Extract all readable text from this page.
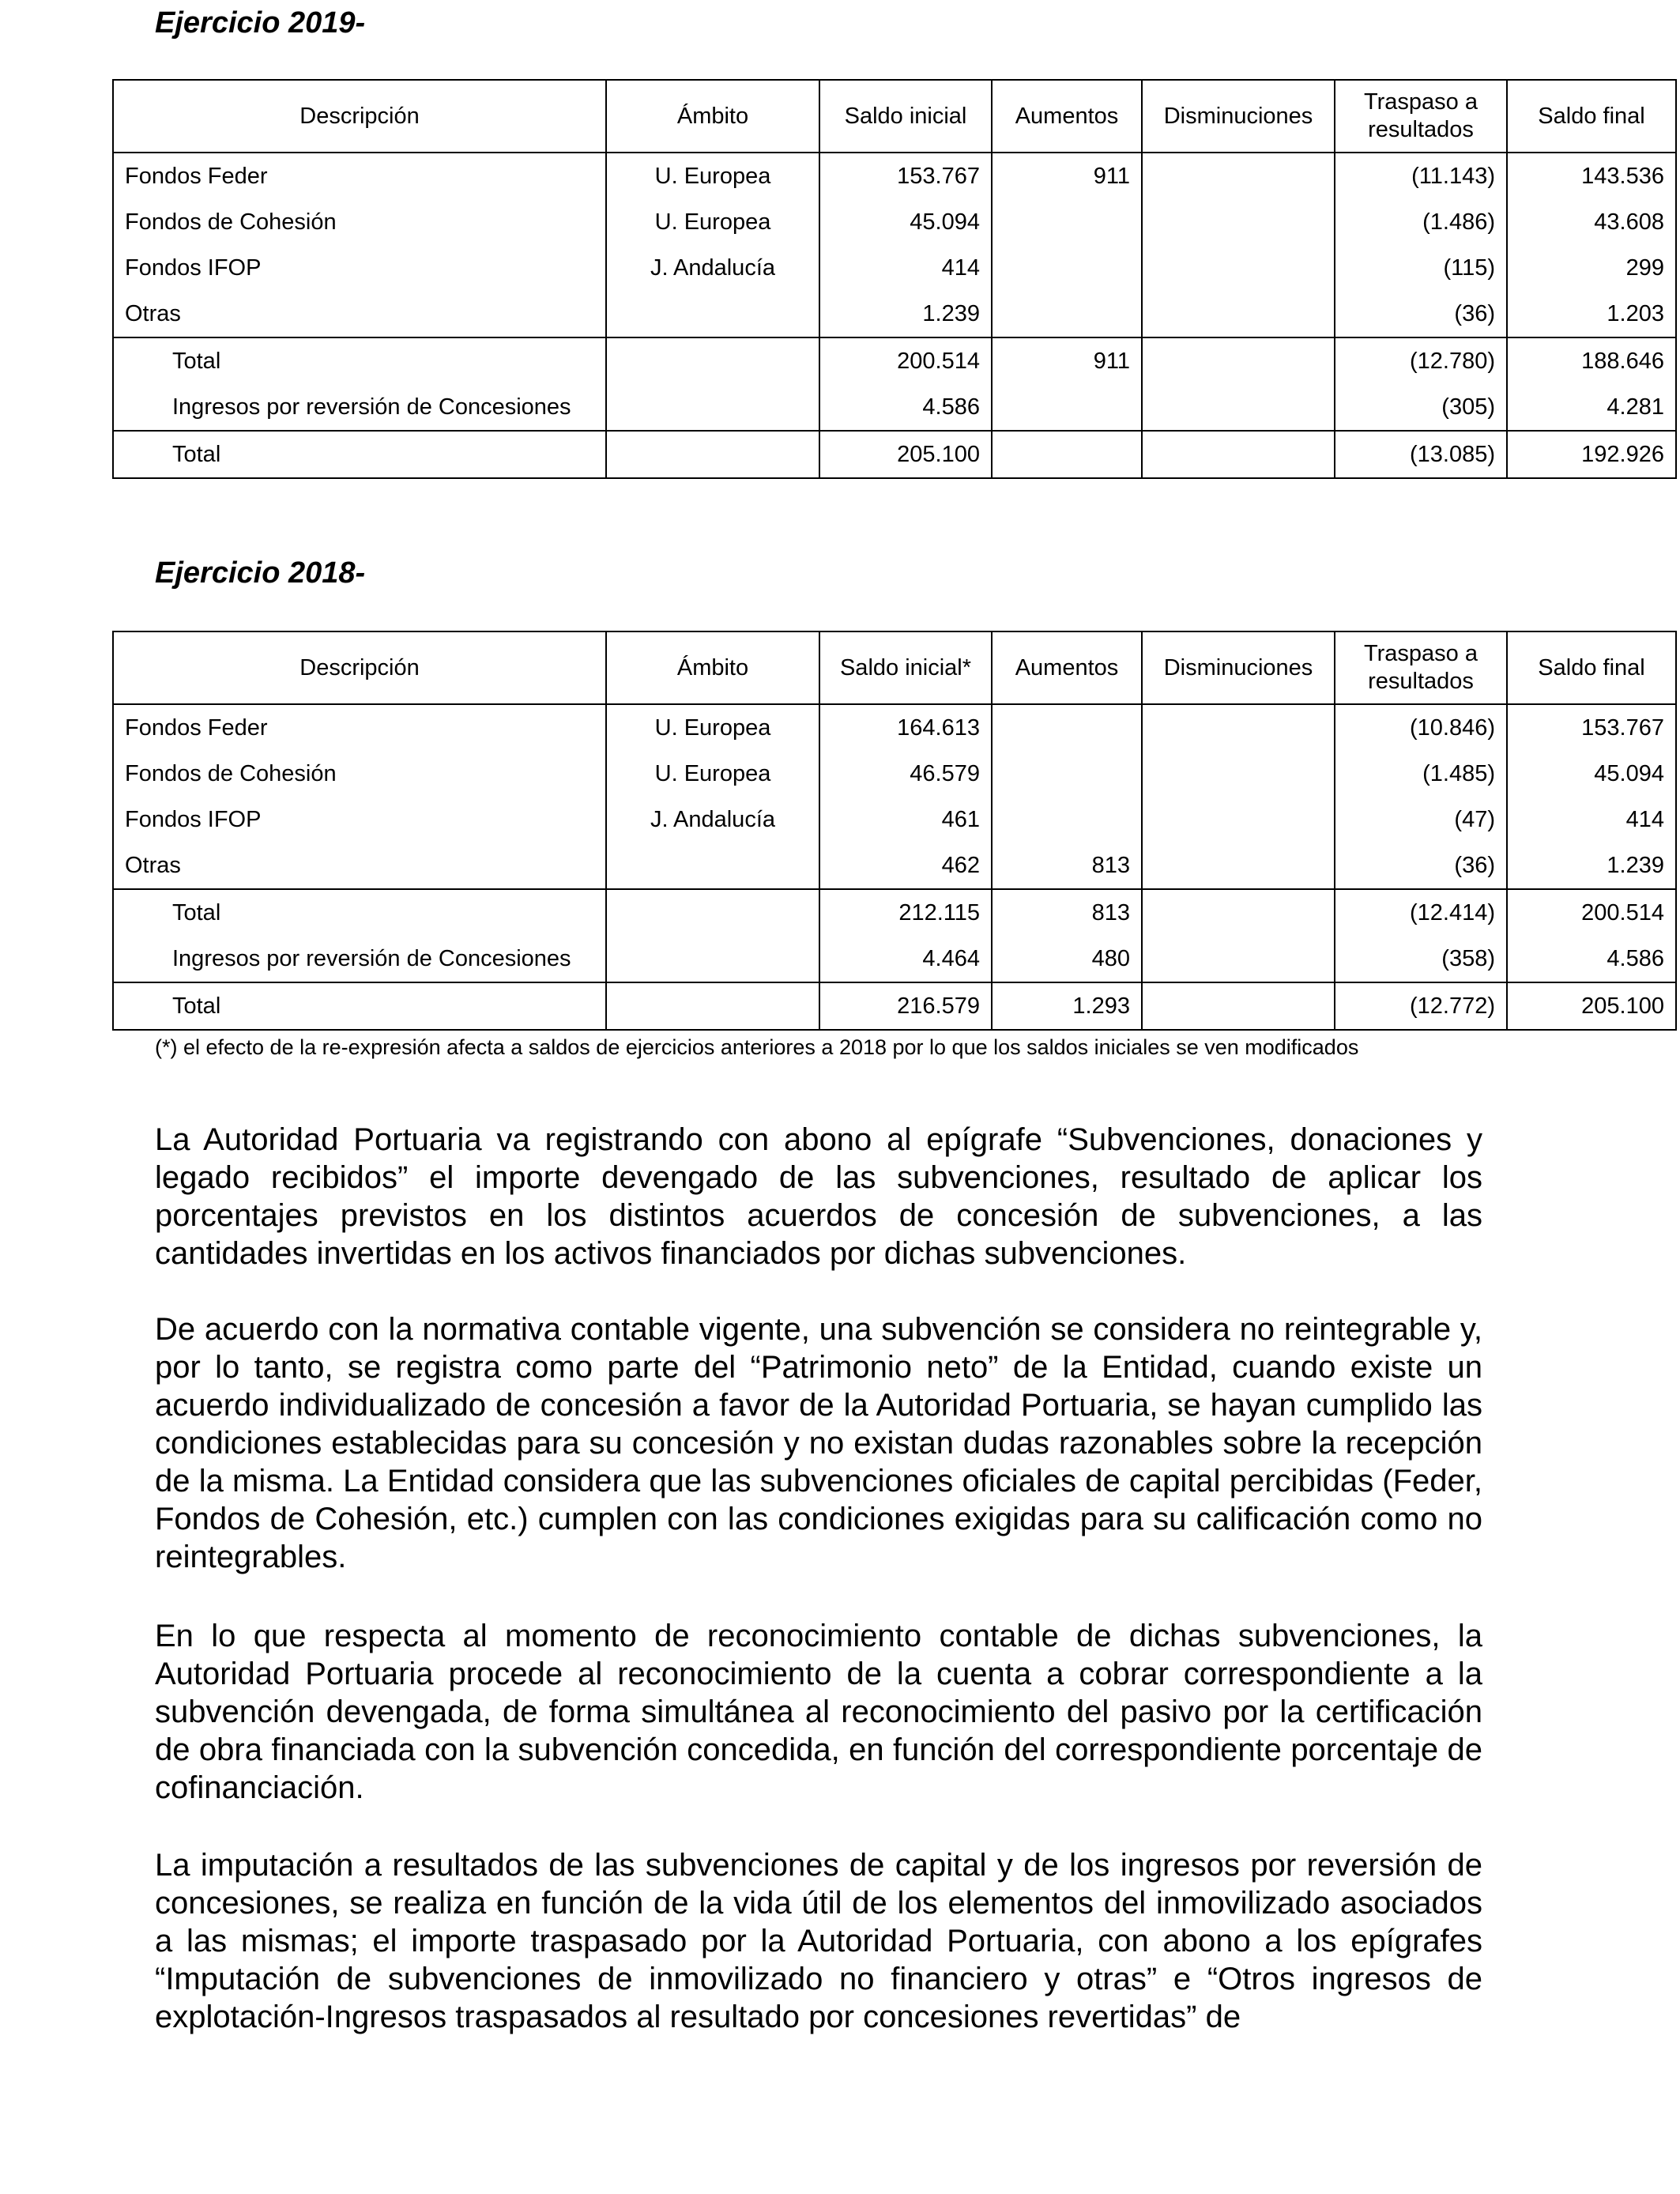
Ejercicio 2019-
Descripción	Ámbito	Saldo inicial	Aumentos	Disminuciones	Traspaso a resultados	Saldo final
Fondos Feder	U. Europea	153.767	911		(11.143)	143.536
Fondos de Cohesión	U. Europea	45.094			(1.486)	43.608
Fondos IFOP	J. Andalucía	414			(115)	299
Otras		1.239			(36)	1.203
Total		200.514	911		(12.780)	188.646
Ingresos por reversión de Concesiones		4.586			(305)	4.281
Total		205.100			(13.085)	192.926
Ejercicio 2018-
Descripción	Ámbito	Saldo inicial*	Aumentos	Disminuciones	Traspaso a resultados	Saldo final
Fondos Feder	U. Europea	164.613			(10.846)	153.767
Fondos de Cohesión	U. Europea	46.579			(1.485)	45.094
Fondos IFOP	J. Andalucía	461			(47)	414
Otras		462	813		(36)	1.239
Total		212.115	813		(12.414)	200.514
Ingresos por reversión de Concesiones		4.464	480		(358)	4.586
Total		216.579	1.293		(12.772)	205.100

(*) el efecto de la re-expresión afecta a saldos de ejercicios anteriores a 2018 por lo que los saldos iniciales se ven modificados

La Autoridad Portuaria va registrando con abono al epígrafe “Subvenciones, donaciones y legado recibidos” el importe devengado de las subvenciones, resultado de aplicar los porcentajes previstos en los distintos acuerdos de concesión de subvenciones, a las cantidades invertidas en los activos financiados por dichas subvenciones.

De acuerdo con la normativa contable vigente, una subvención se considera no reintegrable y, por lo tanto, se registra como parte del “Patrimonio neto” de la Entidad, cuando existe un acuerdo individualizado de concesión a favor de la Autoridad Portuaria, se hayan cumplido las condiciones establecidas para su concesión y no existan dudas razonables sobre la recepción de la misma. La Entidad considera que las subvenciones oficiales de capital percibidas (Feder, Fondos de Cohesión, etc.) cumplen con las condiciones exigidas para su calificación como no reintegrables.

En lo que respecta al momento de reconocimiento contable de dichas subvenciones, la Autoridad Portuaria procede al reconocimiento de la cuenta a cobrar correspondiente a la subvención devengada, de forma simultánea al reconocimiento del pasivo por la certificación de obra financiada con la subvención concedida, en función del correspondiente porcentaje de cofinanciación.

La imputación a resultados de las subvenciones de capital y de los ingresos por reversión de concesiones, se realiza en función de la vida útil de los elementos del inmovilizado asociados a las mismas; el importe traspasado por la Autoridad Portuaria, con abono a los epígrafes “Imputación de subvenciones de inmovilizado no financiero y otras” e “Otros ingresos de explotación-Ingresos traspasados al resultado por concesiones revertidas” de
